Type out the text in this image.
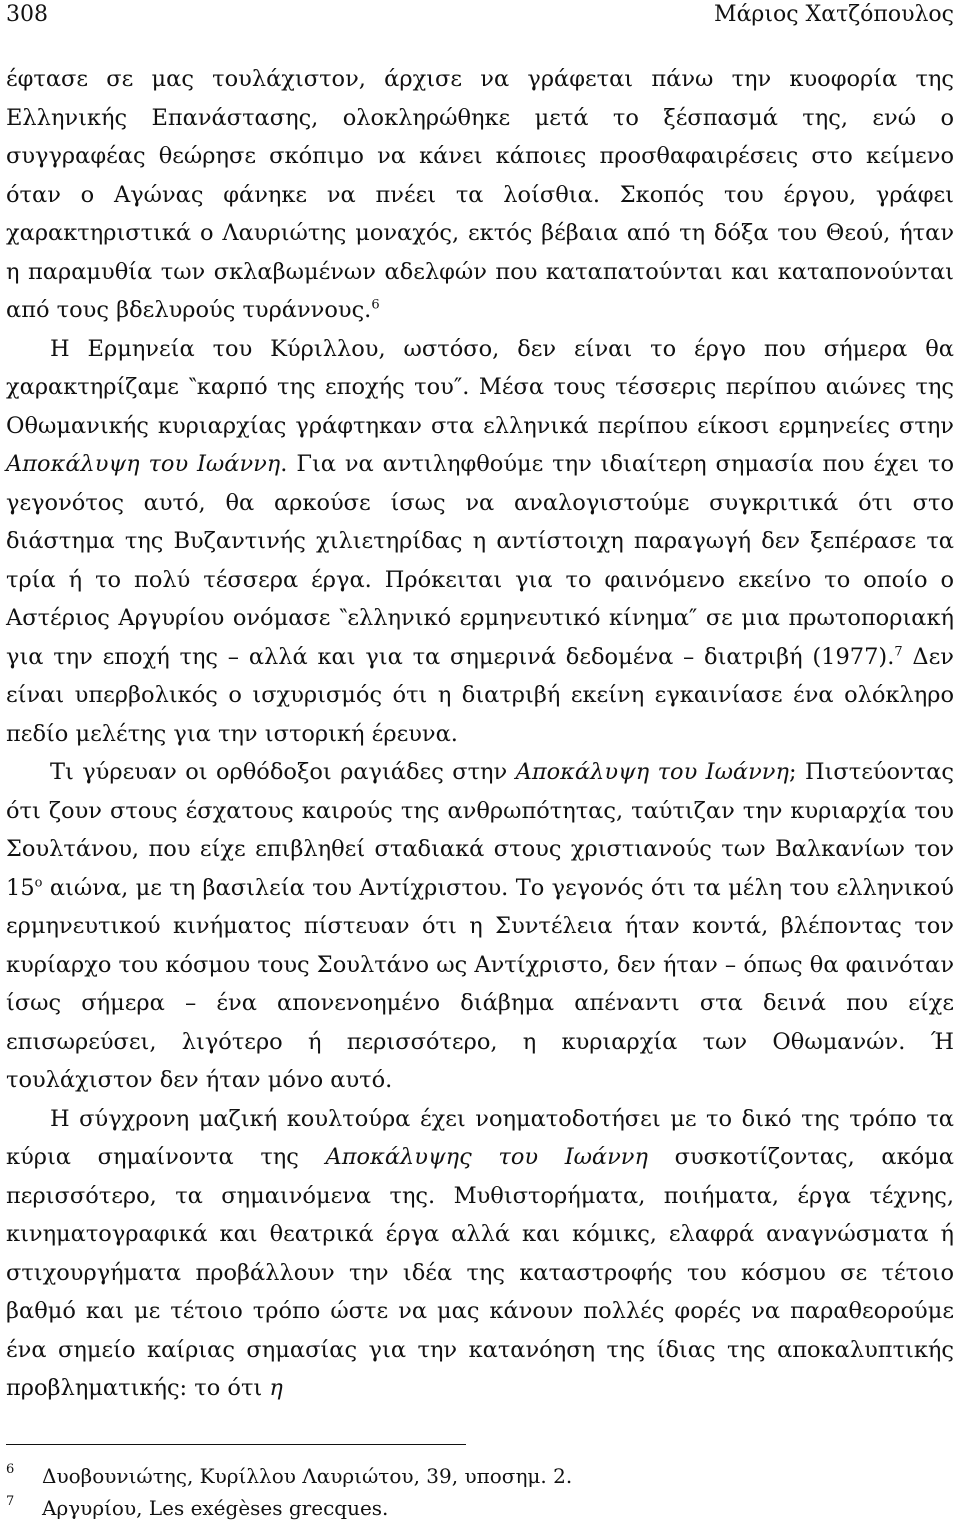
308	Μάριος Χατζόπουλος

έφτασε σε μας τουλάχιστον, άρχισε να γράφεται πάνω την κυοφορία της Ελληνικής Επανάστασης, ολοκληρώθηκε μετά το ξέσπασμά της, ενώ ο συγγραφέας θεώρησε σκόπιμο να κάνει κάποιες προσθαφαιρέσεις στο κείμενο όταν ο Αγώνας φάνηκε να πνέει τα λοίσθια. Σκοπός του έργου, γράφει χαρακτηριστικά ο Λαυριώτης μοναχός, εκτός βέβαια από τη δόξα του Θεού, ήταν η παραμυθία των σκλαβωμένων αδελφών που καταπατούνται και καταπονούνται από τους βδελυρούς τυράννους.$^6$

Η Ερμηνεία του Κύριλλου, ωστόσο, δεν είναι το έργο που σήμερα θα χαρακτηρίζαμε ‶καρπό της εποχής του″. Μέσα τους τέσσερις περίπου αιώνες της Οθωμανικής κυριαρχίας γράφτηκαν στα ελληνικά περίπου είκοσι ερμηνείες στην Αποκάλυψη του Ιωάννη. Για να αντιληφθούμε την ιδιαίτερη σημασία που έχει το γεγονότος αυτό, θα αρκούσε ίσως να αναλογιστούμε συγκριτικά ότι στο διάστημα της Βυζαντινής χιλιετηρίδας η αντίστοιχη παραγωγή δεν ξεπέρασε τα τρία ή το πολύ τέσσερα έργα. Πρόκειται για το φαινόμενο εκείνο το οποίο ο Αστέριος Αργυρίου ονόμασε ‶ελληνικό ερμηνευτικό κίνημα″ σε μια πρωτοποριακή για την εποχή της – αλλά και για τα σημερινά δεδομένα – διατριβή (1977).$^7$ Δεν είναι υπερβολικός ο ισχυρισμός ότι η διατριβή εκείνη εγκαινίασε ένα ολόκληρο πεδίο μελέτης για την ιστορική έρευνα.

Τι γύρευαν οι ορθόδοξοι ραγιάδες στην Αποκάλυψη του Ιωάννη; Πιστεύοντας ότι ζουν στους έσχατους καιρούς της ανθρωπότητας, ταύτιζαν την κυριαρχία του Σουλτάνου, που είχε επιβληθεί σταδιακά στους χριστιανούς των Βαλκανίων τον $15^o$ αιώνα, με τη βασιλεία του Αντίχριστου. Το γεγονός ότι τα μέλη του ελληνικού ερμηνευτικού κινήματος πίστευαν ότι η Συντέλεια ήταν κοντά, βλέποντας τον κυρίαρχο του κόσμου τους Σουλτάνο ως Αντίχριστο, δεν ήταν – όπως θα φαινόταν ίσως σήμερα – ένα απονενοημένο διάβημα απέναντι στα δεινά που είχε επισωρεύσει, λιγότερο ή περισσότερο, η κυριαρχία των Οθωμανών. Ή τουλάχιστον δεν ήταν μόνο αυτό.

Η σύγχρονη μαζική κουλτούρα έχει νοηματοδοτήσει με το δικό της τρόπο τα κύρια σημαίνοντα της Αποκάλυψης του Ιωάννη συσκοτίζοντας, ακόμα περισσότερο, τα σημαινόμενα της. Μυθιστορήματα, ποιήματα, έργα τέχνης, κινηματογραφικά και θεατρικά έργα αλλά και κόμικς, ελαφρά αναγνώσματα ή στιχουργήματα προβάλλουν την ιδέα της καταστροφής του κόσμου σε τέτοιο βαθμό και με τέτοιο τρόπο ώστε να μας κάνουν πολλές φορές να παραθεορούμε ένα σημείο καίριας σημασίας για την κατανόηση της ίδιας της αποκαλυπτικής προβληματικής: το ότι η

6 Δυοβουνιώτης, Κυρίλλου Λαυριώτου, 39, υποσημ. 2.

7 Αργυρίου, Les exégèses grecques.
